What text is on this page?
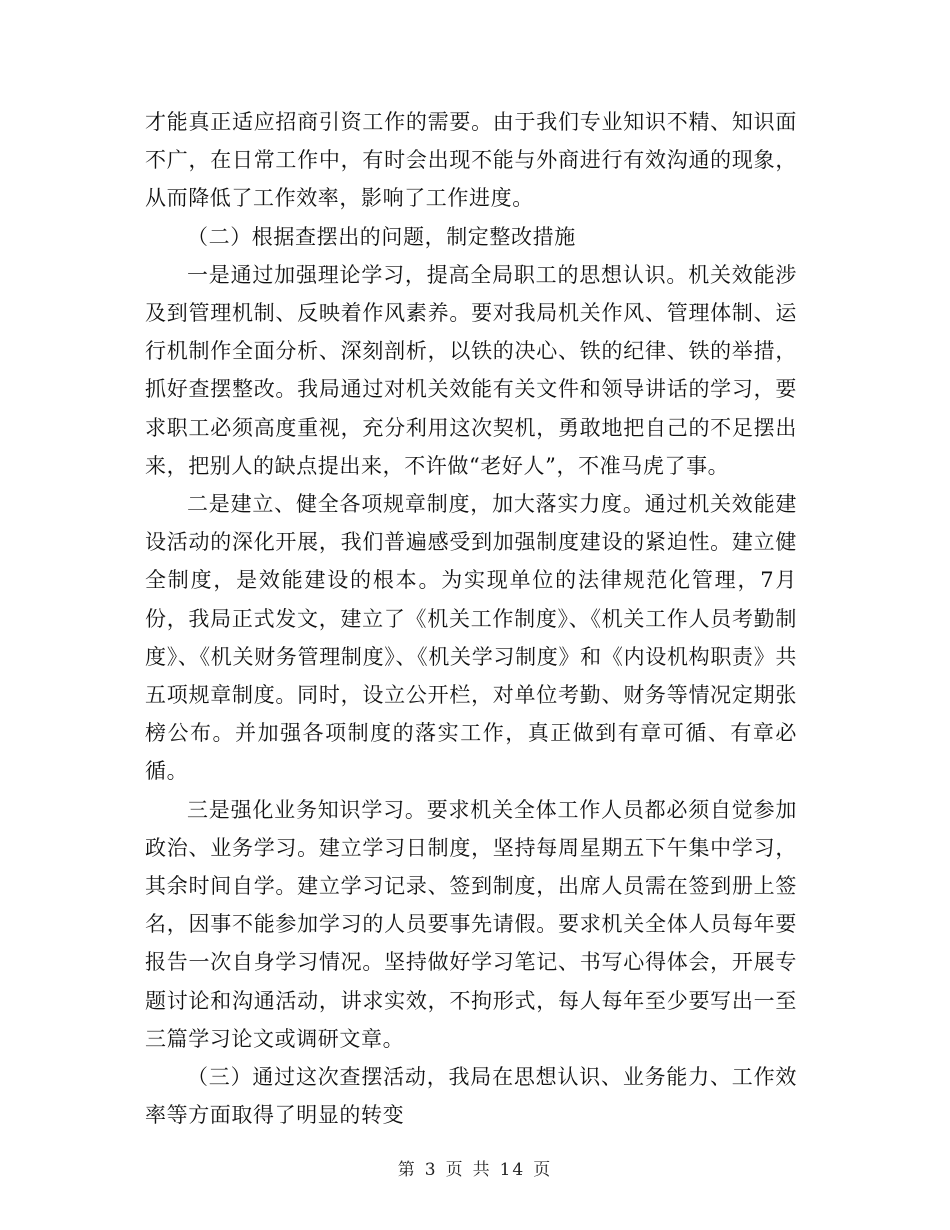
才能真正适应招商引资工作的需要。由于我们专业知识不精、知识面不广，在日常工作中，有时会出现不能与外商进行有效沟通的现象，从而降低了工作效率，影响了工作进度。

（二）根据查摆出的问题，制定整改措施

一是通过加强理论学习，提高全局职工的思想认识。机关效能涉及到管理机制、反映着作风素养。要对我局机关作风、管理体制、运行机制作全面分析、深刻剖析，以铁的决心、铁的纪律、铁的举措，抓好查摆整改。我局通过对机关效能有关文件和领导讲话的学习，要求职工必须高度重视，充分利用这次契机，勇敢地把自己的不足摆出来，把别人的缺点提出来，不许做“老好人”，不准马虎了事。

二是建立、健全各项规章制度，加大落实力度。通过机关效能建设活动的深化开展，我们普遍感受到加强制度建设的紧迫性。建立健全制度，是效能建设的根本。为实现单位的法律规范化管理，7月份，我局正式发文，建立了《机关工作制度》、《机关工作人员考勤制度》、《机关财务管理制度》、《机关学习制度》和《内设机构职责》共五项规章制度。同时，设立公开栏，对单位考勤、财务等情况定期张榜公布。并加强各项制度的落实工作，真正做到有章可循、有章必循。

三是强化业务知识学习。要求机关全体工作人员都必须自觉参加政治、业务学习。建立学习日制度，坚持每周星期五下午集中学习，其余时间自学。建立学习记录、签到制度，出席人员需在签到册上签名，因事不能参加学习的人员要事先请假。要求机关全体人员每年要报告一次自身学习情况。坚持做好学习笔记、书写心得体会，开展专题讨论和沟通活动，讲求实效，不拘形式，每人每年至少要写出一至三篇学习论文或调研文章。

（三）通过这次查摆活动，我局在思想认识、业务能力、工作效率等方面取得了明显的转变

第 3 页 共 14 页
